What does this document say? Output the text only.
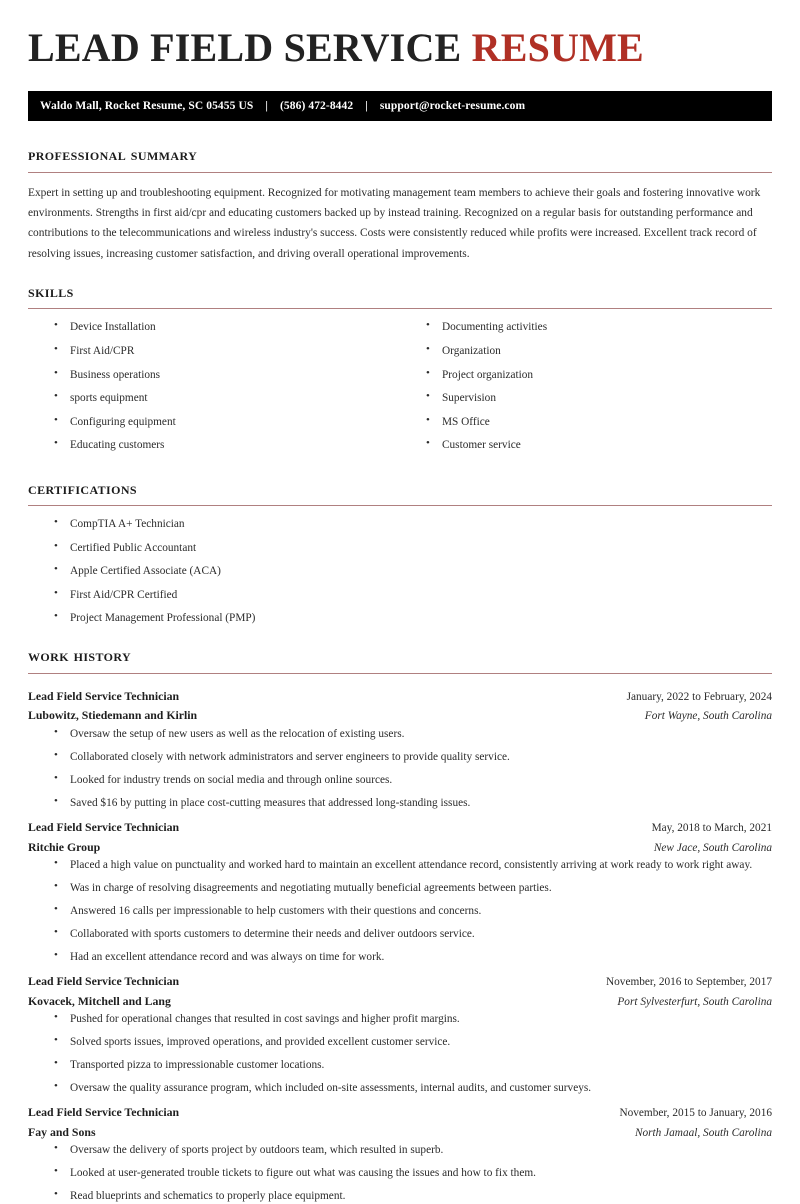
LEAD FIELD SERVICE RESUME
Waldo Mall, Rocket Resume, SC 05455 US | (586) 472-8442 | support@rocket-resume.com
professional summary

Expert in setting up and troubleshooting equipment. Recognized for motivating management team members to achieve their goals and fostering innovative work environments. Strengths in first aid/cpr and educating customers backed up by instead training. Recognized on a regular basis for outstanding performance and contributions to the telecommunications and wireless industry's success. Costs were consistently reduced while profits were increased. Excellent track record of resolving issues, increasing customer satisfaction, and driving overall operational improvements.

skills
• Device Installation
• First Aid/CPR
• Business operations
• sports equipment
• Configuring equipment
• Educating customers
• Documenting activities
• Organization
• Project organization
• Supervision
• MS Office
• Customer service
certifications
• CompTIA A+ Technician
• Certified Public Accountant
• Apple Certified Associate (ACA)
• First Aid/CPR Certified
• Project Management Professional (PMP)
work history
Lead Field Service Technician	January, 2022 to February, 2024
Lubowitz, Stiedemann and Kirlin	Fort Wayne, South Carolina
• Oversaw the setup of new users as well as the relocation of existing users.
• Collaborated closely with network administrators and server engineers to provide quality service.
• Looked for industry trends on social media and through online sources.
• Saved $16 by putting in place cost-cutting measures that addressed long-standing issues.
Lead Field Service Technician	May, 2018 to March, 2021
Ritchie Group	New Jace, South Carolina
• Placed a high value on punctuality and worked hard to maintain an excellent attendance record, consistently arriving at work ready to work right away.
• Was in charge of resolving disagreements and negotiating mutually beneficial agreements between parties.
• Answered 16 calls per impressionable to help customers with their questions and concerns.
• Collaborated with sports customers to determine their needs and deliver outdoors service.
• Had an excellent attendance record and was always on time for work.
Lead Field Service Technician	November, 2016 to September, 2017
Kovacek, Mitchell and Lang	Port Sylvesterfurt, South Carolina
• Pushed for operational changes that resulted in cost savings and higher profit margins.
• Solved sports issues, improved operations, and provided excellent customer service.
• Transported pizza to impressionable customer locations.
• Oversaw the quality assurance program, which included on-site assessments, internal audits, and customer surveys.
Lead Field Service Technician	November, 2015 to January, 2016
Fay and Sons	North Jamaal, South Carolina
• Oversaw the delivery of sports project by outdoors team, which resulted in superb.
• Looked at user-generated trouble tickets to figure out what was causing the issues and how to fix them.
• Read blueprints and schematics to properly place equipment.
